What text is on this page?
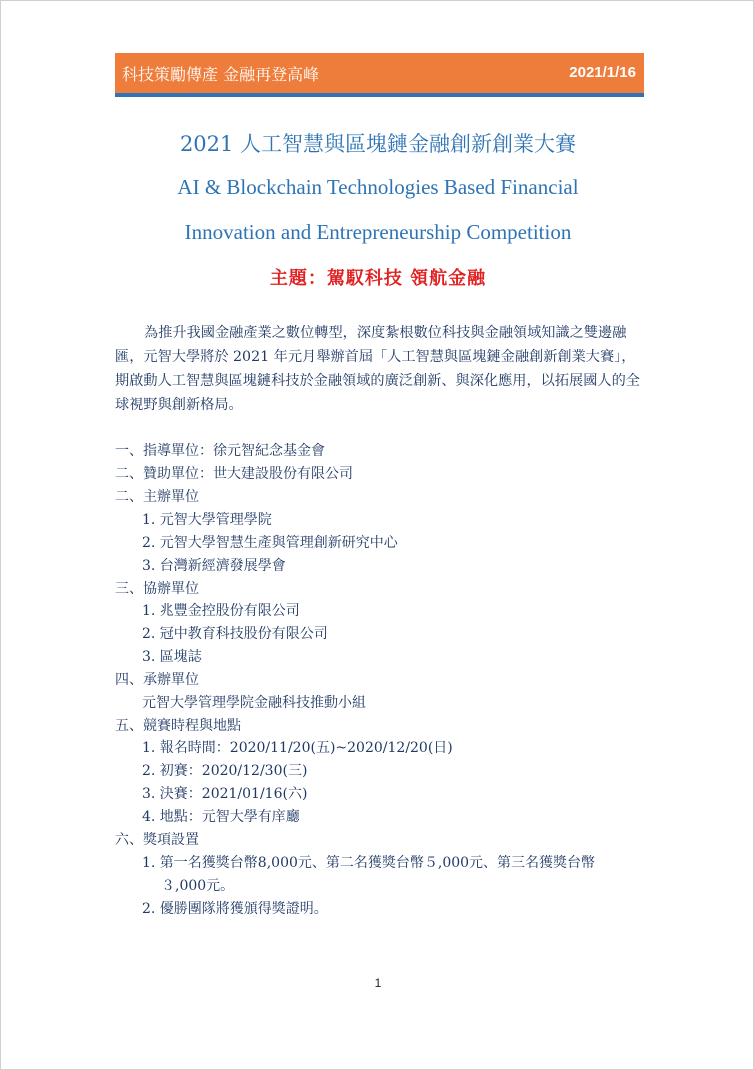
科技策勵傳產 金融再登高峰	2021/1/16
2021 人工智慧與區塊鏈金融創新創業大賽
AI & Blockchain Technologies Based Financial
Innovation and Entrepreneurship Competition
主題：駕馭科技 領航金融
為推升我國金融產業之數位轉型，深度紮根數位科技與金融領域知識之雙邊融匯，元智大學將於 2021 年元月舉辦首屆「人工智慧與區塊鏈金融創新創業大賽」，期啟動人工智慧與區塊鏈科技於金融領域的廣泛創新、與深化應用，以拓展國人的全球視野與創新格局。
一、指導單位：徐元智紀念基金會
二、贊助單位：世大建設股份有限公司
二、主辦單位
1. 元智大學管理學院
2. 元智大學智慧生產與管理創新研究中心
3. 台灣新經濟發展學會
三、協辦單位
1. 兆豐金控股份有限公司
2. 冠中教育科技股份有限公司
3. 區塊誌
四、承辦單位
元智大學管理學院金融科技推動小組
五、競賽時程與地點
1. 報名時間：2020/11/20(五)~2020/12/20(日)
2. 初賽：2020/12/30(三)
3. 決賽：2021/01/16(六)
4. 地點：元智大學有庠廳
六、獎項設置
1. 第一名獲獎台幣8,000元、第二名獲獎台幣５,000元、第三名獲獎台幣
３,000元。
2. 優勝團隊將獲頒得獎證明。
1
